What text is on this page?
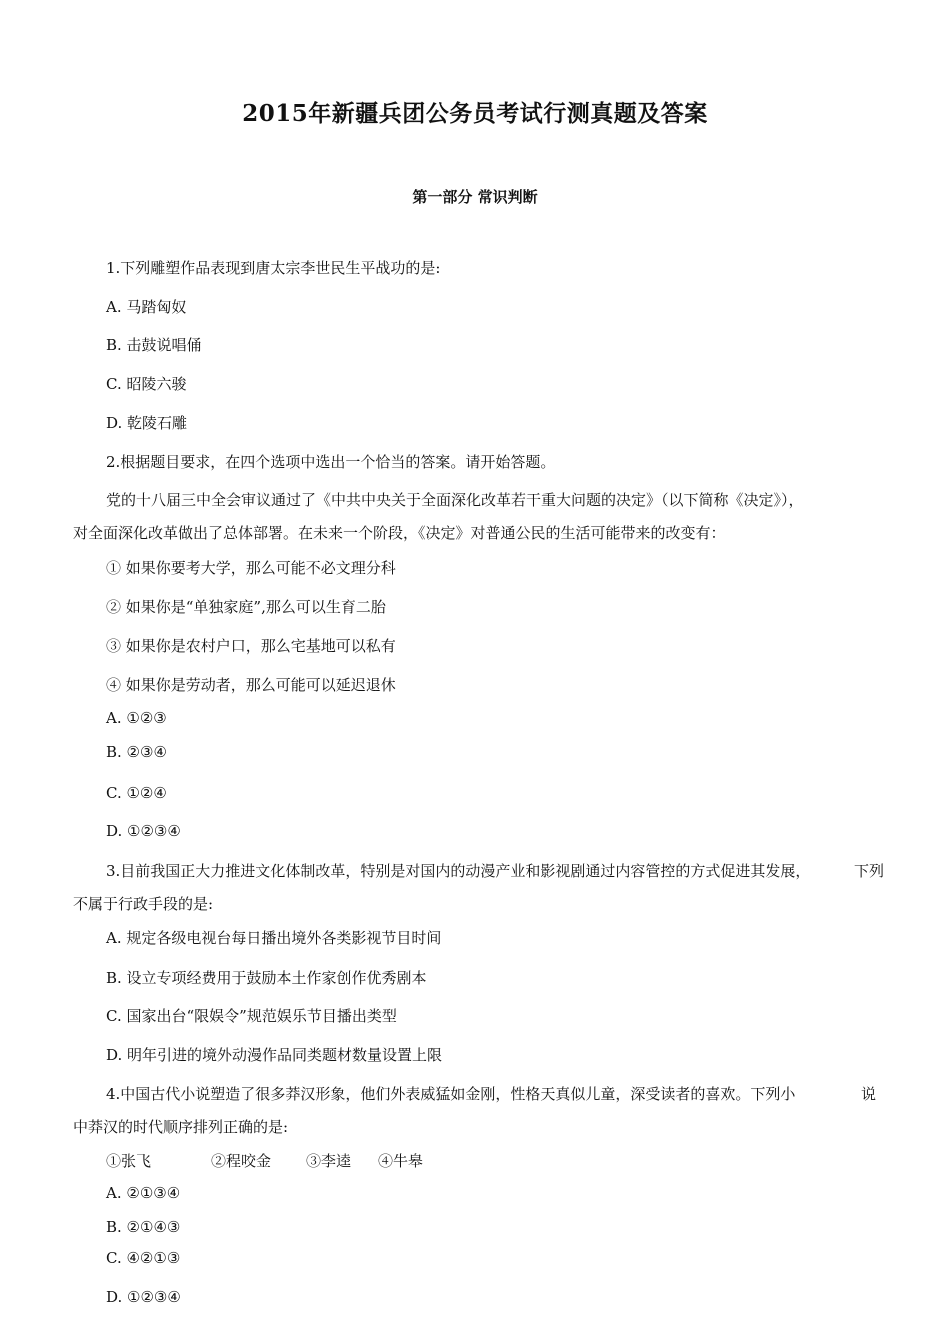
2015年新疆兵团公务员考试行测真题及答案
第一部分 常识判断
1.下列雕塑作品表现到唐太宗李世民生平战功的是:
A. 马踏匈奴
B. 击鼓说唱俑
C. 昭陵六骏
D. 乾陵石雕
2.根据题目要求，在四个选项中选出一个恰当的答案。请开始答题。
党的十八届三中全会审议通过了《中共中央关于全面深化改革若干重大问题的决定》（以下简称《决定》），
对全面深化改革做出了总体部署。在未来一个阶段，《决定》对普通公民的生活可能带来的改变有：
① 如果你要考大学，那么可能不必文理分科
② 如果你是“单独家庭”,那么可以生育二胎
③ 如果你是农村户口，那么宅基地可以私有
④ 如果你是劳动者，那么可能可以延迟退休
A. ①②③
B. ②③④
C. ①②④
D. ①②③④
3.目前我国正大力推进文化体制改革，特别是对国内的动漫产业和影视剧通过内容管控的方式促进其发展，	下列
不属于行政手段的是:
A. 规定各级电视台每日播出境外各类影视节目时间
B. 设立专项经费用于鼓励本土作家创作优秀剧本
C. 国家出台“限娱令”规范娱乐节目播出类型
D. 明年引进的境外动漫作品同类题材数量设置上限
4.中国古代小说塑造了很多莽汉形象，他们外表威猛如金刚，性格天真似儿童，深受读者的喜欢。下列小	说
中莽汉的时代顺序排列正确的是:
①张飞	②程咬金 ③李逵 ④牛皋
A. ②①③④
B. ②①④③
C. ④②①③
D. ①②③④
